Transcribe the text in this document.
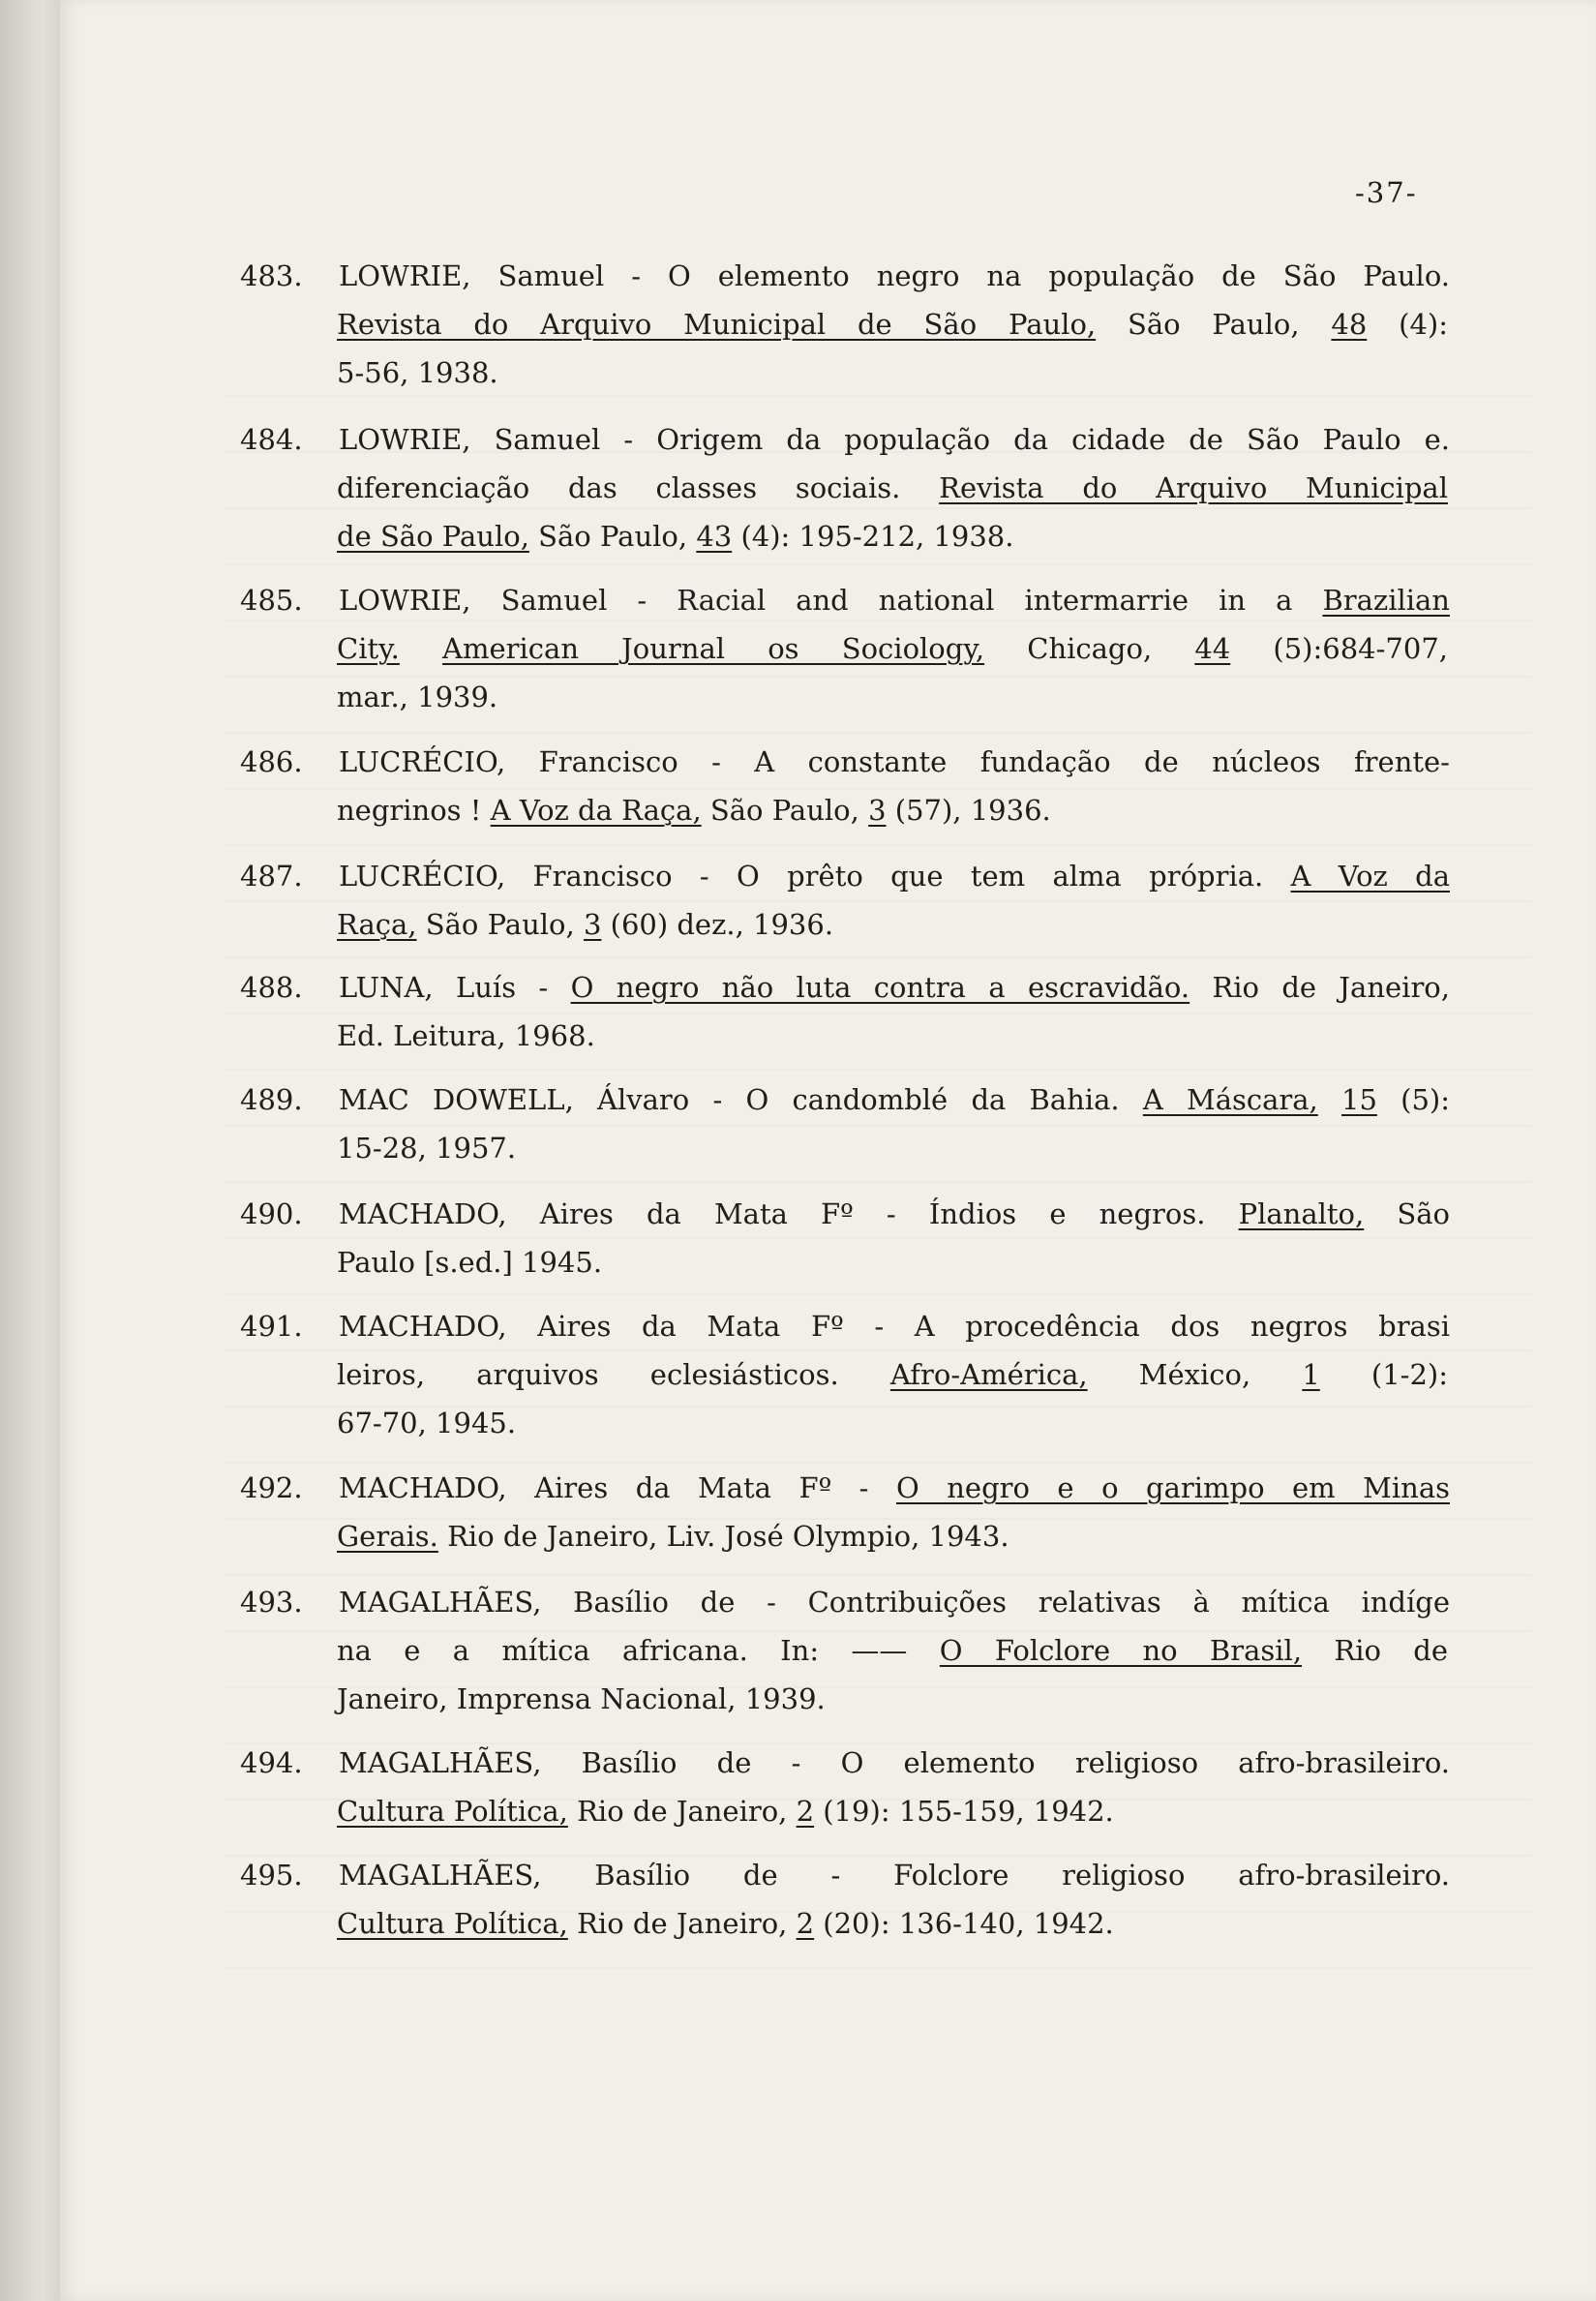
-37-
483. LOWRIE, Samuel - O elemento negro na população de São Paulo.
Revista do Arquivo Municipal de São Paulo, São Paulo, 48 (4):
5-56, 1938.
484. LOWRIE, Samuel - Origem da população da cidade de São Paulo e.
diferenciação das classes sociais. Revista do Arquivo Municipal
de São Paulo, São Paulo, 43 (4): 195-212, 1938.
485. LOWRIE, Samuel - Racial and national intermarrie in a Brazilian
City. American Journal os Sociology, Chicago, 44 (5):684-707,
mar., 1939.
486. LUCRÉCIO, Francisco - A constante fundação de núcleos frente-
negrinos ! A Voz da Raça, São Paulo, 3 (57), 1936.
487. LUCRÉCIO, Francisco - O prêto que tem alma própria. A Voz da
Raça, São Paulo, 3 (60) dez., 1936.
488. LUNA, Luís - O negro não luta contra a escravidão. Rio de Janeiro,
Ed. Leitura, 1968.
489. MAC DOWELL, Álvaro - O candomblé da Bahia. A Máscara, 15 (5):
15-28, 1957.
490. MACHADO, Aires da Mata Fº - Índios e negros. Planalto, São
Paulo [s.ed.] 1945.
491. MACHADO, Aires da Mata Fº - A procedência dos negros brasi
leiros, arquivos eclesiásticos. Afro-América, México, 1 (1-2):
67-70, 1945.
492. MACHADO, Aires da Mata Fº - O negro e o garimpo em Minas
Gerais. Rio de Janeiro, Liv. José Olympio, 1943.
493. MAGALHÃES, Basílio de - Contribuições relativas à mítica indíge
na e a mítica africana. In: —— O Folclore no Brasil, Rio de
Janeiro, Imprensa Nacional, 1939.
494. MAGALHÃES, Basílio de - O elemento religioso afro-brasileiro.
Cultura Política, Rio de Janeiro, 2 (19): 155-159, 1942.
495. MAGALHÃES, Basílio de - Folclore religioso afro-brasileiro.
Cultura Política, Rio de Janeiro, 2 (20): 136-140, 1942.
